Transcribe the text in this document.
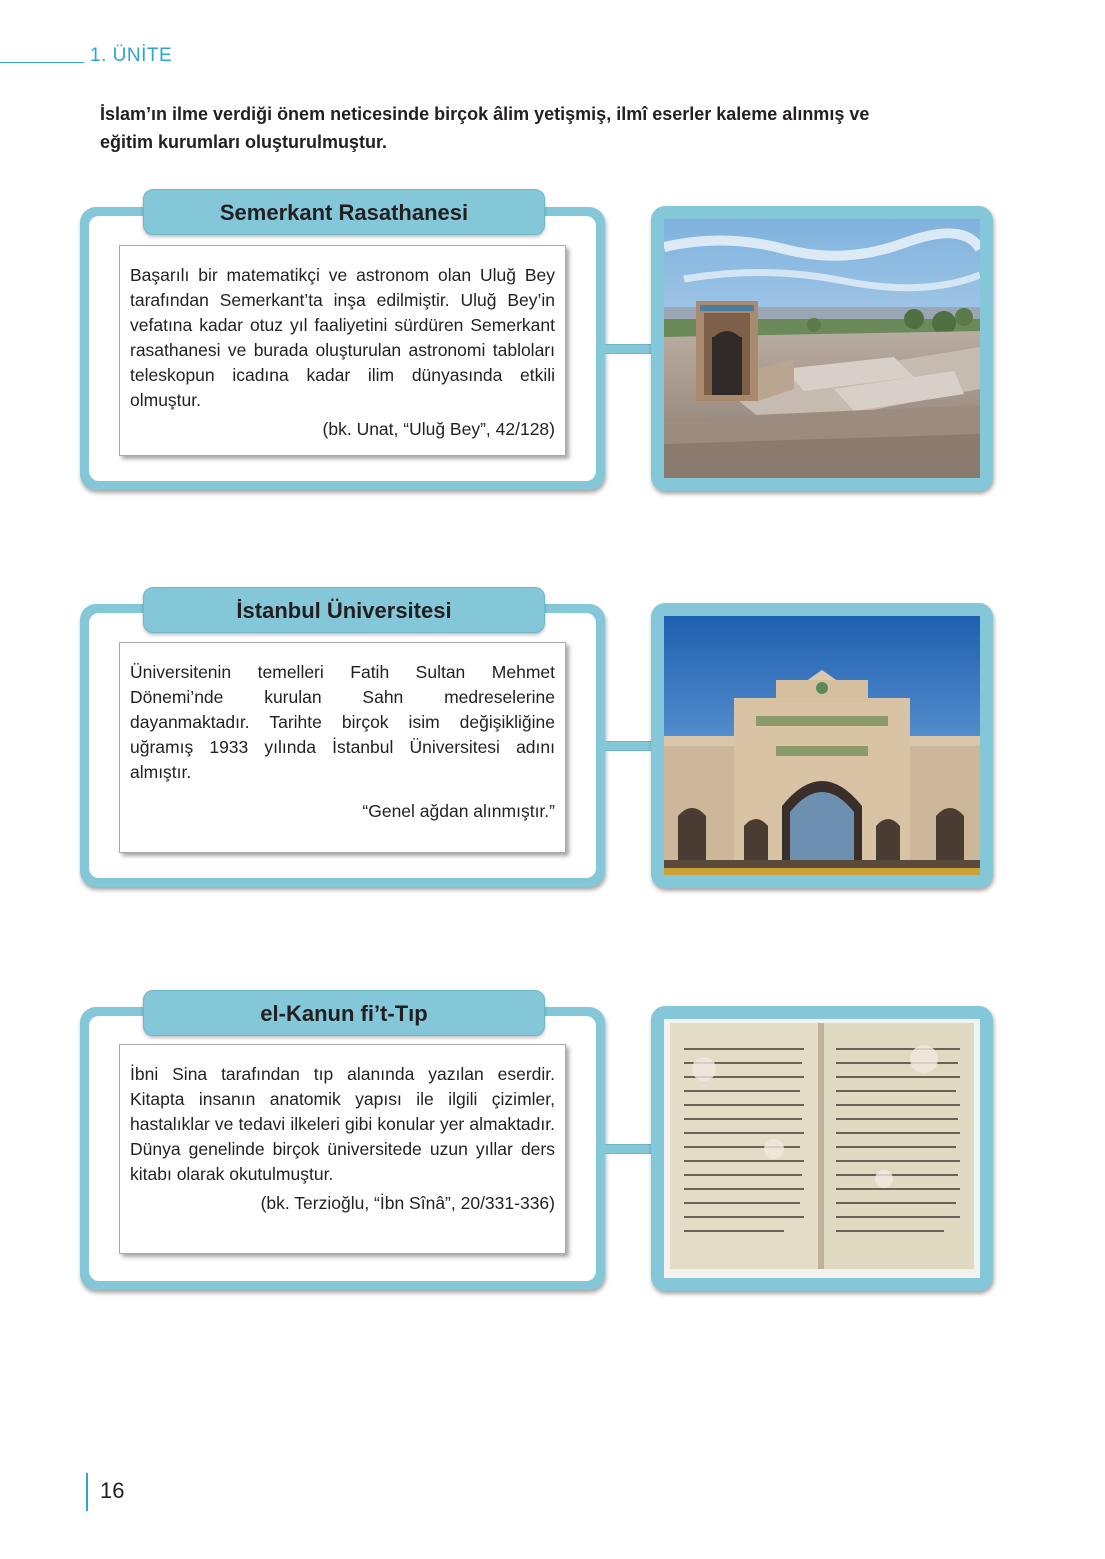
1. ÜNİTE

İslam’ın ilme verdiği önem neticesinde birçok âlim yetişmiş, ilmî eserler kaleme alınmış ve

eğitim kurumları oluşturulmuştur.

Semerkant Rasathanesi

Başarılı bir matematikçi ve astronom olan Uluğ Bey tarafından Semerkant’ta inşa edilmiştir. Uluğ Bey’in vefatına kadar otuz yıl faaliyetini sürdüren Semerkant rasathanesi ve burada oluşturulan astronomi tabloları teleskopun icadına kadar ilim dünyasında etkili olmuştur.

(bk. Unat, “Uluğ Bey”, 42/128)

İstanbul Üniversitesi

Üniversitenin temelleri Fatih Sultan Mehmet Dönemi’nde kurulan Sahn medreselerine dayanmaktadır. Tarihte birçok isim değişikliğine uğramış 1933 yılında İstanbul Üniversitesi adını almıştır.

“Genel ağdan alınmıştır.”

el-Kanun fi’t-Tıp

İbni Sina tarafından tıp alanında yazılan eserdir. Kitapta insanın anatomik yapısı ile ilgili çizimler, hastalıklar ve tedavi ilkeleri gibi konular yer almaktadır. Dünya genelinde birçok üniversitede uzun yıllar ders kitabı olarak okutulmuştur.

(bk. Terzioğlu, “İbn Sînâ”, 20/331-336)

16
